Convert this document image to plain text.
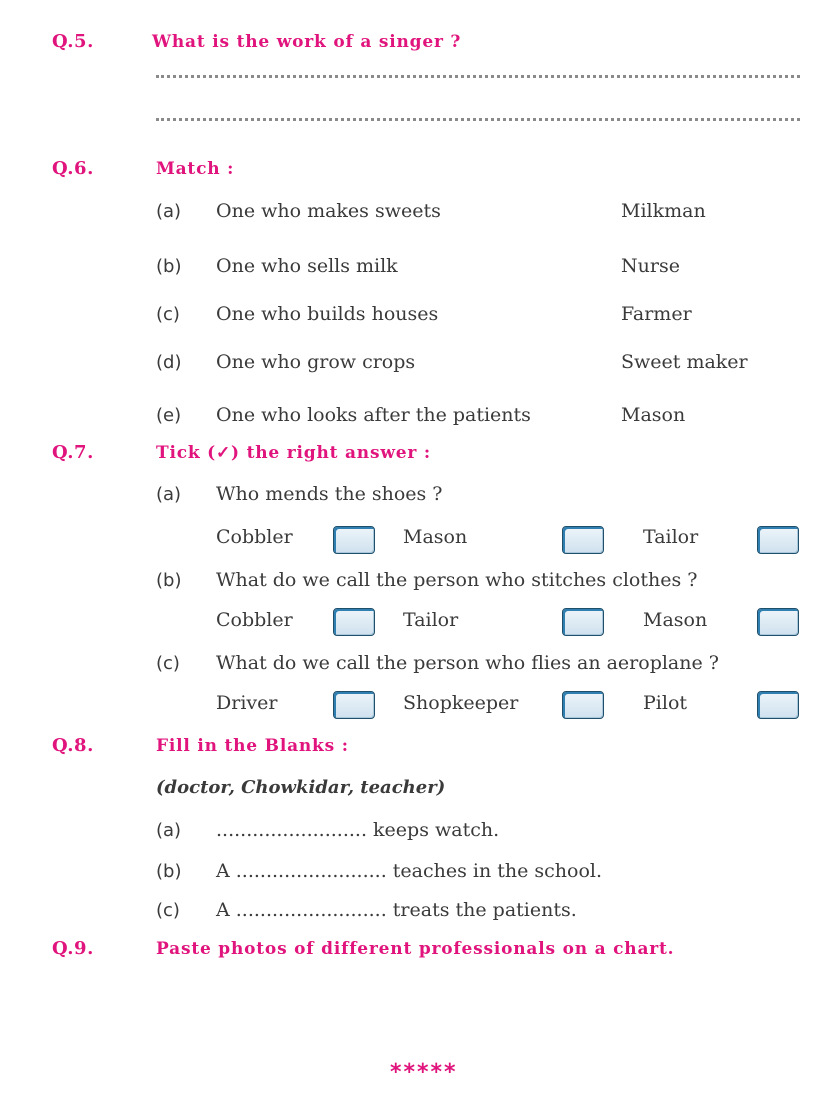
Q.5.	What is the work of a singer ?
Q.6.	Match :
(a) One who makes sweets	Milkman
(b) One who sells milk	Nurse
(c) One who builds houses	Farmer
(d) One who grow crops	Sweet maker
(e) One who looks after the patients	Mason
Q.7.	Tick (✓) the right answer :
(a) Who mends the shoes ?
Cobbler	Mason	Tailor
(b) What do we call the person who stitches clothes ?
Cobbler	Tailor	Mason
(c) What do we call the person who flies an aeroplane ?
Driver	Shopkeeper	Pilot
Q.8.	Fill in the Blanks :
(doctor, Chowkidar, teacher)
(a) ......................... keeps watch.
(b) A ......................... teaches in the school.
(c) A ......................... treats the patients.
Q.9.	Paste photos of different professionals on a chart.
*****
